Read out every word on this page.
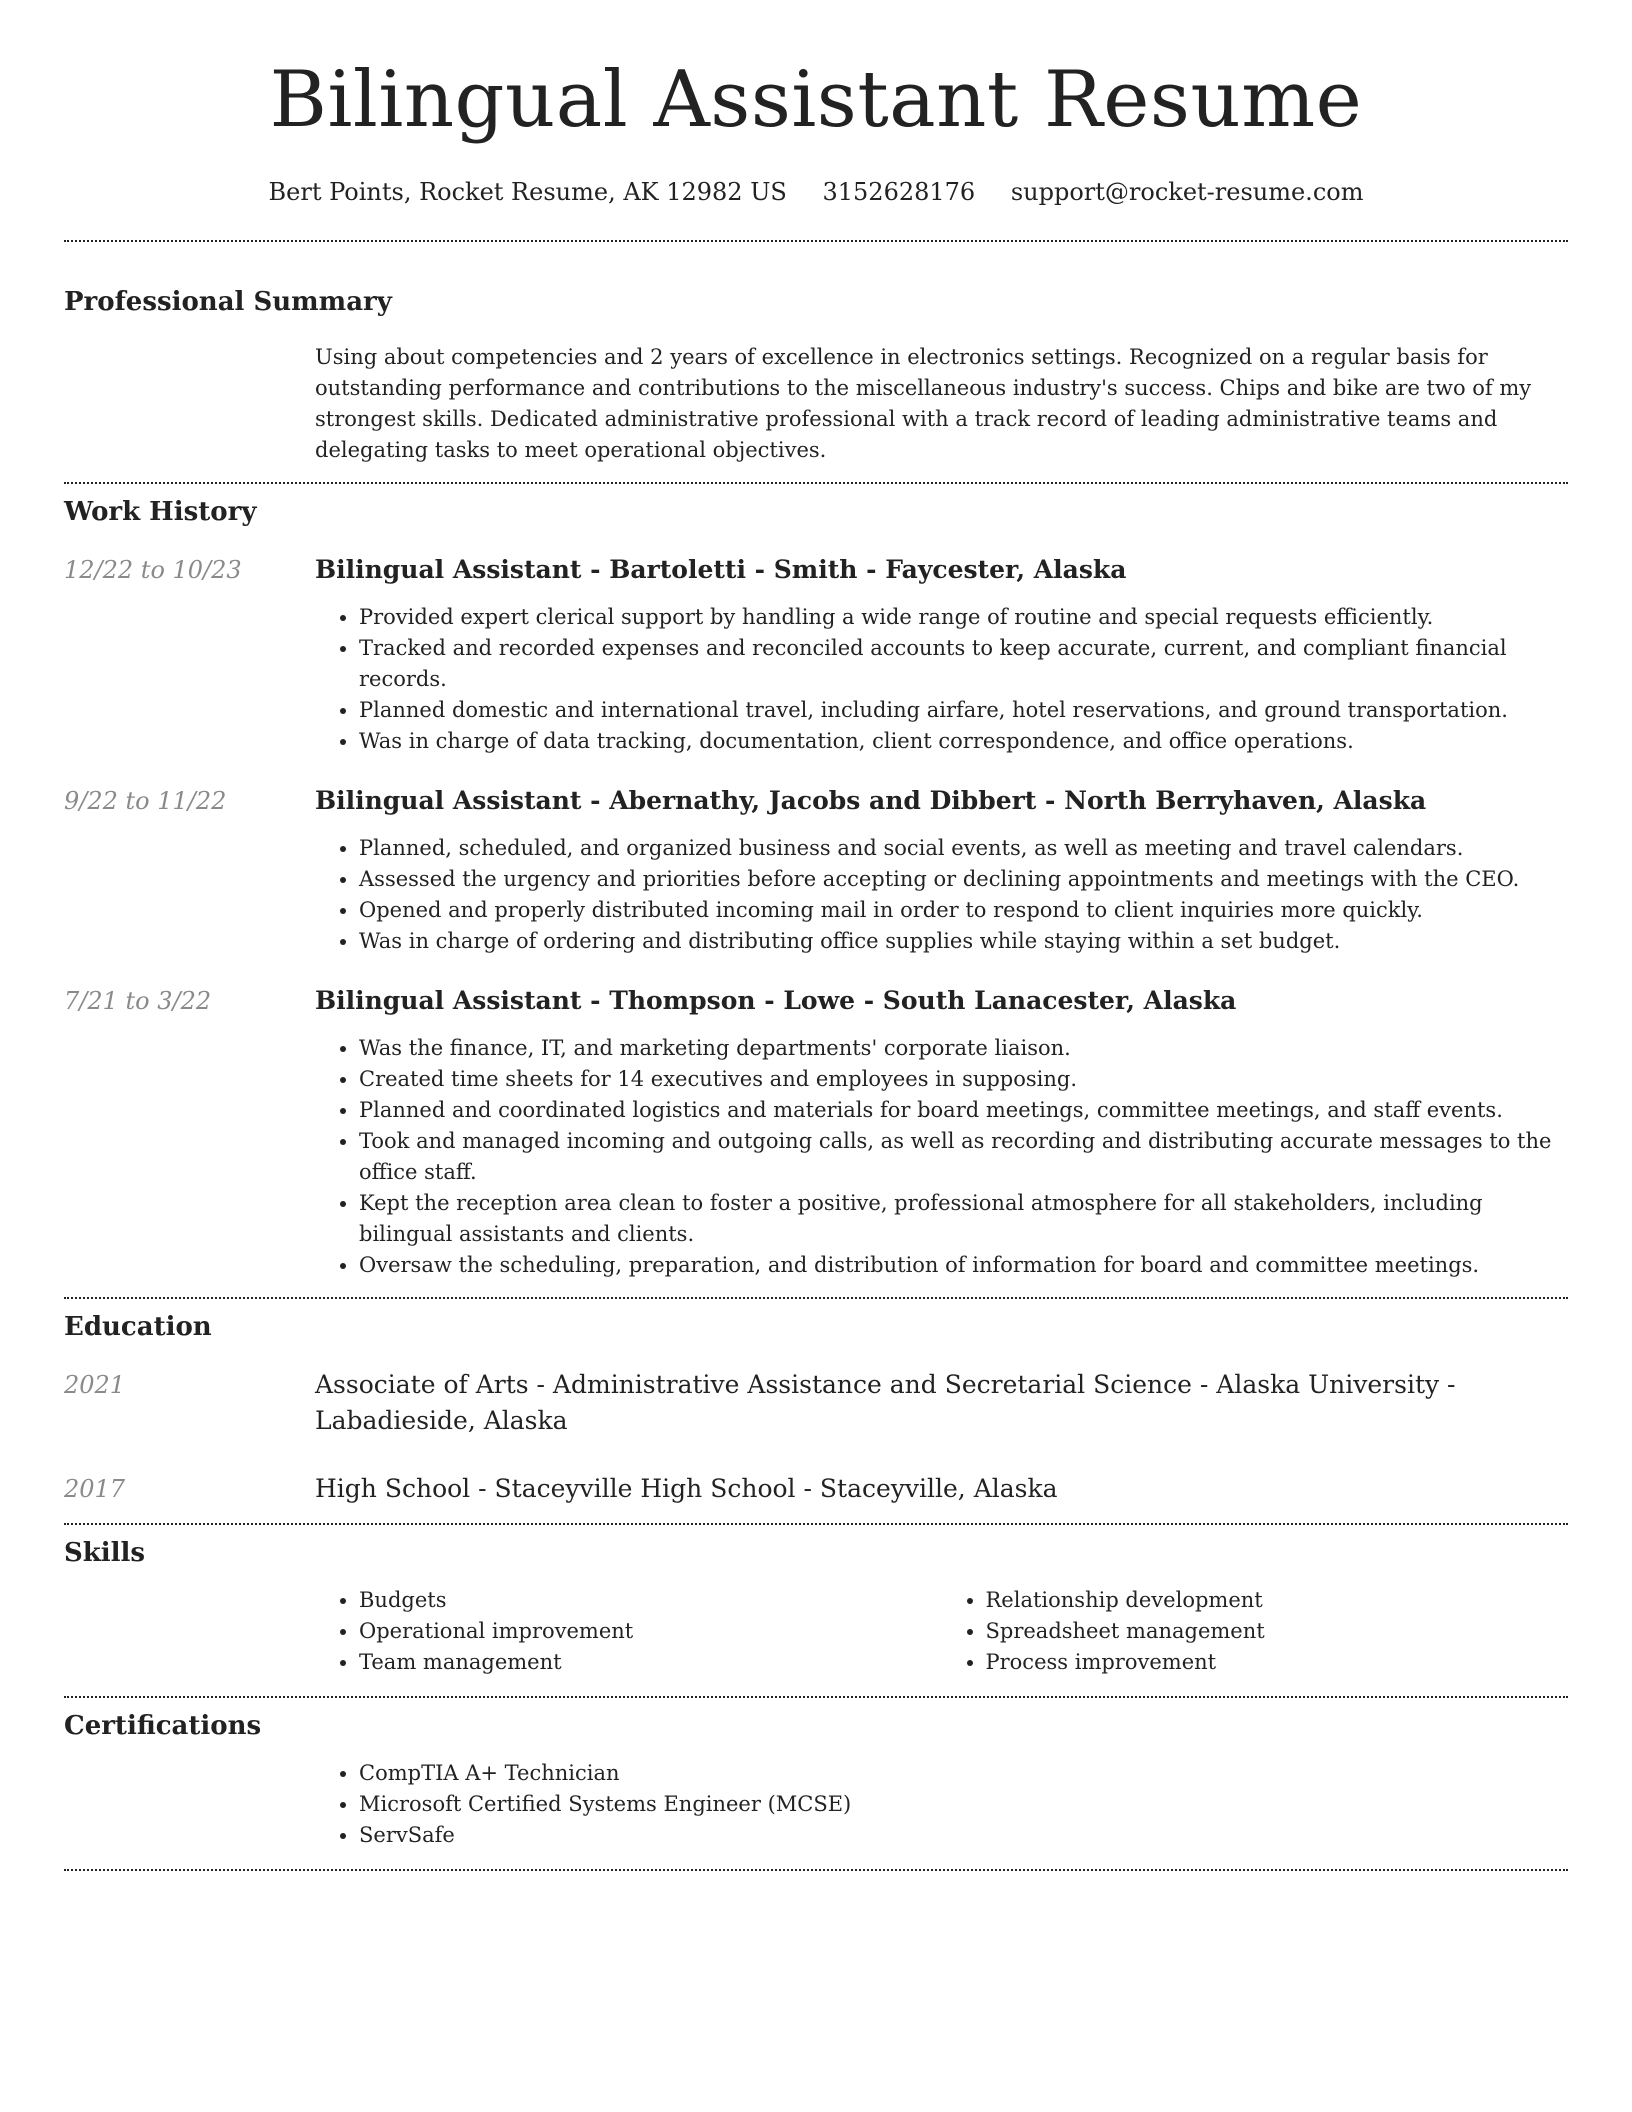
Bilingual Assistant Resume
Bert Points, Rocket Resume, AK 12982 US 3152628176 support@rocket-resume.com
Professional Summary

Using about competencies and 2 years of excellence in electronics settings. Recognized on a regular basis for outstanding performance and contributions to the miscellaneous industry's success. Chips and bike are two of my strongest skills. Dedicated administrative professional with a track record of leading administrative teams and delegating tasks to meet operational objectives.

Work History
12/22 to 10/23	Bilingual Assistant - Bartoletti - Smith - Faycester, Alaska
• Provided expert clerical support by handling a wide range of routine and special requests efficiently.
• Tracked and recorded expenses and reconciled accounts to keep accurate, current, and compliant financial records.
• Planned domestic and international travel, including airfare, hotel reservations, and ground transportation.
• Was in charge of data tracking, documentation, client correspondence, and office operations.
9/22 to 11/22	Bilingual Assistant - Abernathy, Jacobs and Dibbert - North Berryhaven, Alaska
• Planned, scheduled, and organized business and social events, as well as meeting and travel calendars.
• Assessed the urgency and priorities before accepting or declining appointments and meetings with the CEO.
• Opened and properly distributed incoming mail in order to respond to client inquiries more quickly.
• Was in charge of ordering and distributing office supplies while staying within a set budget.
7/21 to 3/22	Bilingual Assistant - Thompson - Lowe - South Lanacester, Alaska
• Was the finance, IT, and marketing departments' corporate liaison.
• Created time sheets for 14 executives and employees in supposing.
• Planned and coordinated logistics and materials for board meetings, committee meetings, and staff events.
• Took and managed incoming and outgoing calls, as well as recording and distributing accurate messages to the office staff.
• Kept the reception area clean to foster a positive, professional atmosphere for all stakeholders, including bilingual assistants and clients.
• Oversaw the scheduling, preparation, and distribution of information for board and committee meetings.
Education
2021	Associate of Arts - Administrative Assistance and Secretarial Science - Alaska University - Labadieside, Alaska

2017	High School - Staceyville High School - Staceyville, Alaska

Skills
• Budgets
• Operational improvement
• Team management
• Relationship development
• Spreadsheet management
• Process improvement
Certifications
• CompTIA A+ Technician
• Microsoft Certified Systems Engineer (MCSE)
• ServSafe
